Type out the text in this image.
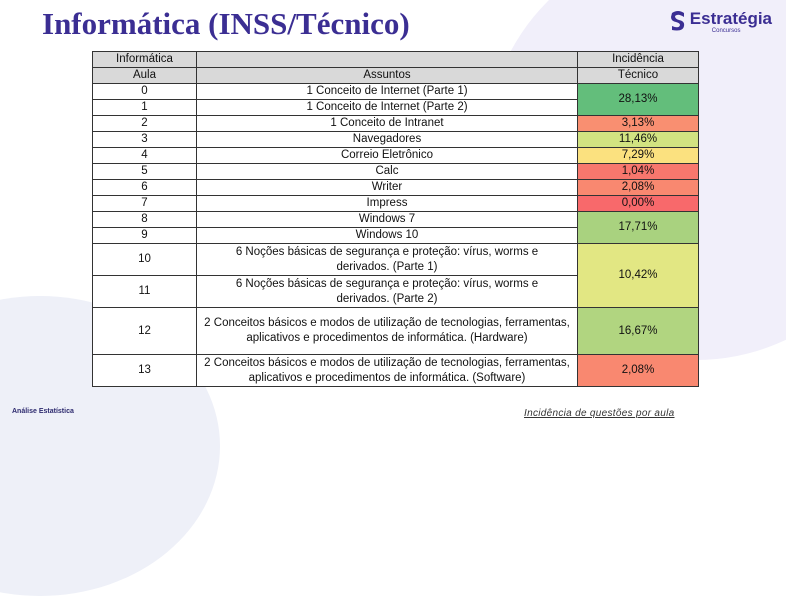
Informática (INSS/Técnico)	Estratégia
Concursos
Informática		Incidência
Aula	Assuntos	Técnico
0	1 Conceito de Internet (Parte 1)	28,13%
1	1 Conceito de Internet (Parte 2)	
2	1 Conceito de Intranet	3,13%
3	Navegadores	11,46%
4	Correio Eletrônico	7,29%
5	Calc	1,04%
6	Writer	2,08%
7	Impress	0,00%
8	Windows 7	17,71%
9	Windows 10	
10	6 Noções básicas de segurança e proteção: vírus, worms e derivados. (Parte 1)	10,42%
11	6 Noções básicas de segurança e proteção: vírus, worms e derivados. (Parte 2)	
12	2 Conceitos básicos e modos de utilização de tecnologias, ferramentas, aplicativos e procedimentos de informática. (Hardware)	16,67%
13	2 Conceitos básicos e modos de utilização de tecnologias, ferramentas, aplicativos e procedimentos de informática. (Software)	2,08%
Análise Estatística	Incidência de questões por aula
